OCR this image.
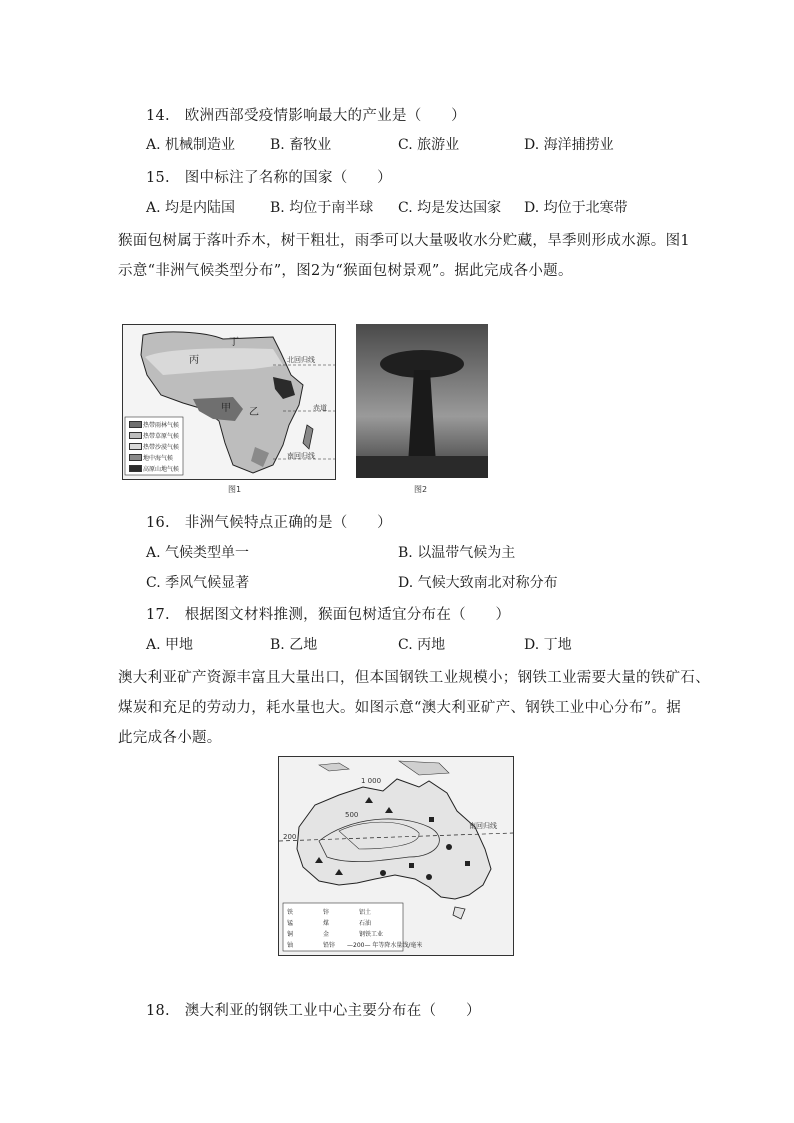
14.　欧洲西部受疫情影响最大的产业是（　　）
A. 机械制造业 B. 畜牧业	C. 旅游业	D. 海洋捕捞业
15.　图中标注了名称的国家（　　）
A. 均是内陆国 B. 均位于南半球 C. 均是发达国家 D. 均位于北寒带
猴面包树属于落叶乔木，树干粗壮，雨季可以大量吸收水分贮藏，旱季则形成水源。图1
示意“非洲气候类型分布”，图2为“猴面包树景观”。据此完成各小题。
丙
丁
甲 乙
北回归线
赤道
南回归线
热带雨林气候
热带草原气候
热带沙漠气候
地中海气候
高原山地气候
图1	图2
16.　非洲气候特点正确的是（　　）
A. 气候类型单一	B. 以温带气候为主
C. 季风气候显著	D. 气候大致南北对称分布
17.　根据图文材料推测，猴面包树适宜分布在（　　）
A. 甲地	B. 乙地	C. 丙地	D. 丁地
澳大利亚矿产资源丰富且大量出口，但本国钢铁工业规模小；钢铁工业需要大量的铁矿石、
煤炭和充足的劳动力，耗水量也大。如图示意“澳大利亚矿产、钢铁工业中心分布”。据
此完成各小题。
1 000
500
200
南回归线
铁	锌	铝土
锰	煤	石油
铜	金	钢铁工业
铀	铅锌 —200— 年等降水量线/毫米
18.　澳大利亚的钢铁工业中心主要分布在（　　）
